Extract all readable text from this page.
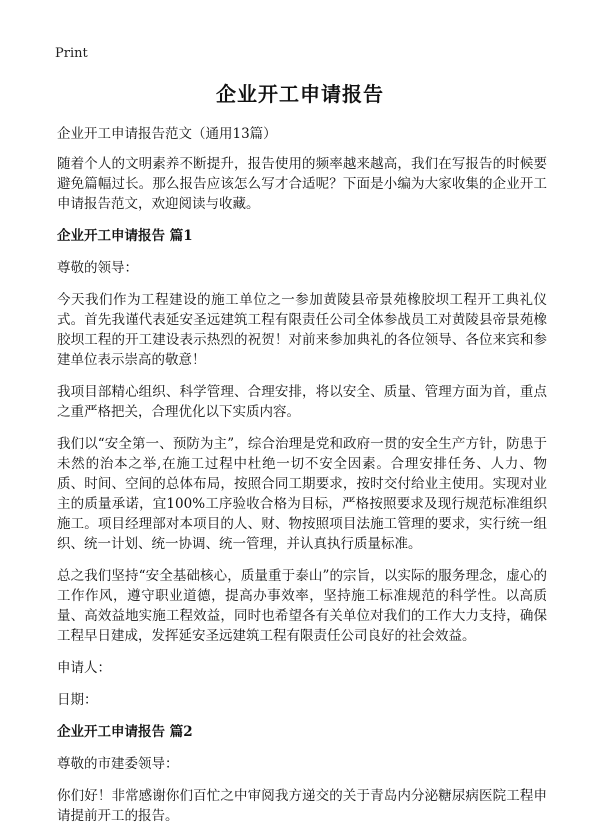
Print
企业开工申请报告

企业开工申请报告范文（通用13篇）

随着个人的文明素养不断提升，报告使用的频率越来越高，我们在写报告的时候要避免篇幅过长。那么报告应该怎么写才合适呢？下面是小编为大家收集的企业开工申请报告范文，欢迎阅读与收藏。

企业开工申请报告 篇1

尊敬的领导：

今天我们作为工程建设的施工单位之一参加黄陵县帝景苑橡胶坝工程开工典礼仪式。首先我谨代表延安圣远建筑工程有限责任公司全体参战员工对黄陵县帝景苑橡胶坝工程的开工建设表示热烈的祝贺！对前来参加典礼的各位领导、各位来宾和参建单位表示崇高的敬意！

我项目部精心组织、科学管理、合理安排，将以安全、质量、管理方面为首，重点之重严格把关，合理优化以下实质内容。

我们以“安全第一、预防为主”，综合治理是党和政府一贯的安全生产方针，防患于未然的治本之举,在施工过程中杜绝一切不安全因素。合理安排任务、人力、物质、时间、空间的总体布局，按照合同工期要求，按时交付给业主使用。实现对业主的质量承诺，宜100%工序验收合格为目标，严格按照要求及现行规范标准组织施工。项目经理部对本项目的人、财、物按照项目法施工管理的要求，实行统一组织、统一计划、统一协调、统一管理，并认真执行质量标准。

总之我们坚持“安全基础核心，质量重于泰山”的宗旨，以实际的服务理念，虚心的工作作风，遵守职业道德，提高办事效率，坚持施工标准规范的科学性。以高质量、高效益地实施工程效益，同时也希望各有关单位对我们的工作大力支持，确保工程早日建成，发挥延安圣远建筑工程有限责任公司良好的社会效益。

申请人：

日期：

企业开工申请报告 篇2

尊敬的市建委领导：

你们好！非常感谢你们百忙之中审阅我方递交的关于青岛内分泌糖尿病医院工程申请提前开工的报告。
